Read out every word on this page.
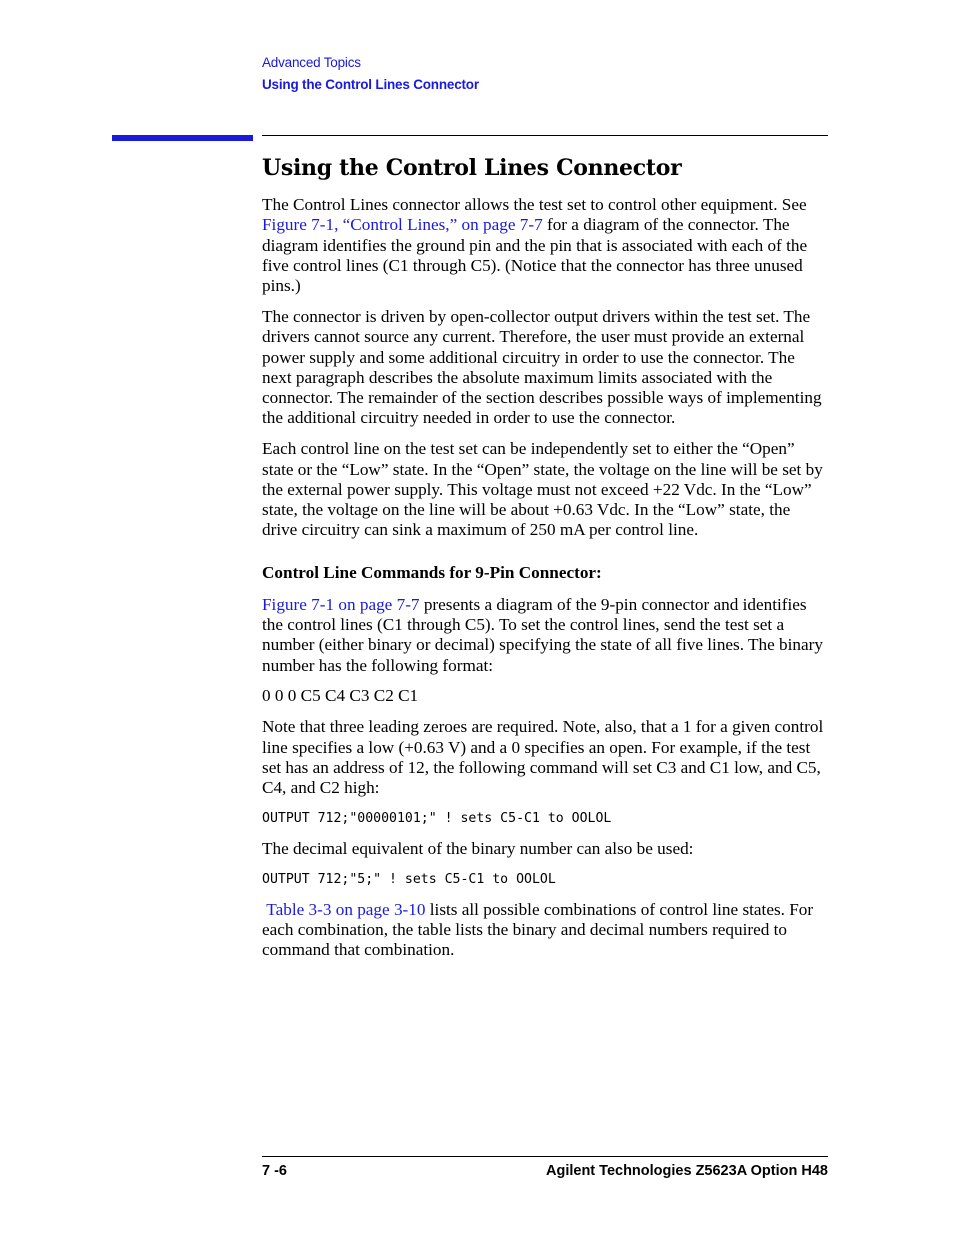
Advanced Topics
Using the Control Lines Connector
Using the Control Lines Connector

The Control Lines connector allows the test set to control other equipment. See Figure 7-1, “Control Lines,” on page 7-7 for a diagram of the connector. The diagram identifies the ground pin and the pin that is associated with each of the five control lines (C1 through C5). (Notice that the connector has three unused pins.)

The connector is driven by open-collector output drivers within the test set. The drivers cannot source any current. Therefore, the user must provide an external power supply and some additional circuitry in order to use the connector. The next paragraph describes the absolute maximum limits associated with the connector. The remainder of the section describes possible ways of implementing the additional circuitry needed in order to use the connector.

Each control line on the test set can be independently set to either the “Open” state or the “Low” state. In the “Open” state, the voltage on the line will be set by the external power supply. This voltage must not exceed +22 Vdc. In the “Low” state, the voltage on the line will be about +0.63 Vdc. In the “Low” state, the drive circuitry can sink a maximum of 250 mA per control line.

Control Line Commands for 9-Pin Connector:

Figure 7-1 on page 7-7 presents a diagram of the 9-pin connector and identifies the control lines (C1 through C5). To set the control lines, send the test set a number (either binary or decimal) specifying the state of all five lines. The binary number has the following format:

0 0 0 C5 C4 C3 C2 C1

Note that three leading zeroes are required. Note, also, that a 1 for a given control line specifies a low (+0.63 V) and a 0 specifies an open. For example, if the test set has an address of 12, the following command will set C3 and C1 low, and C5, C4, and C2 high:

OUTPUT 712;"00000101;" ! sets C5-C1 to OOLOL

The decimal equivalent of the binary number can also be used:

OUTPUT 712;"5;" ! sets C5-C1 to OOLOL

Table 3-3 on page 3-10 lists all possible combinations of control line states. For each combination, the table lists the binary and decimal numbers required to command that combination.

7 -6	Agilent Technologies Z5623A Option H48
